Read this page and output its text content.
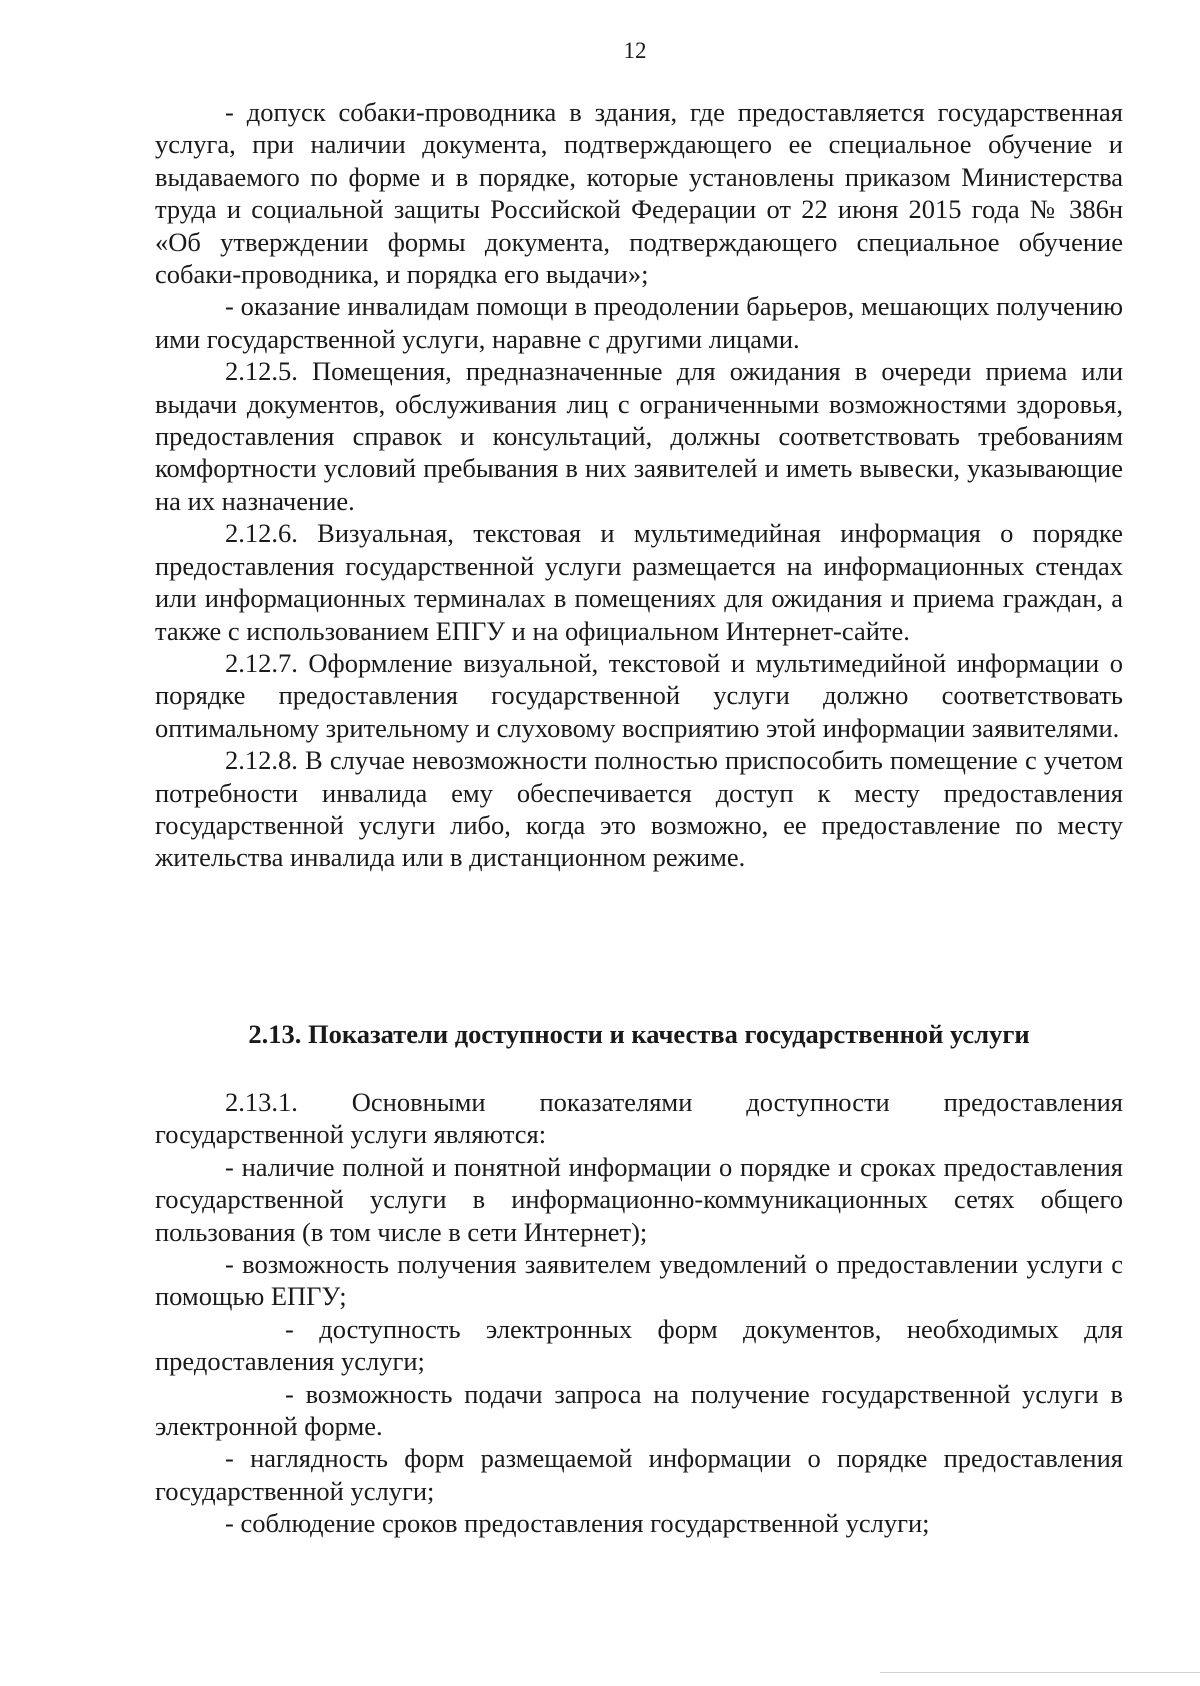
12

- допуск собаки-проводника в здания, где предоставляется государственная услуга, при наличии документа, подтверждающего ее специальное обучение и выдаваемого по форме и в порядке, которые установлены приказом Министерства труда и социальной защиты Российской Федерации от 22 июня 2015 года № 386н «Об утверждении формы документа, подтверждающего специальное обучение собаки-проводника, и порядка его выдачи»;

- оказание инвалидам помощи в преодолении барьеров, мешающих получению ими государственной услуги, наравне с другими лицами.

2.12.5. Помещения, предназначенные для ожидания в очереди приема или выдачи документов, обслуживания лиц с ограниченными возможностями здоровья, предоставления справок и консультаций, должны соответствовать требованиям комфортности условий пребывания в них заявителей и иметь вывески, указывающие на их назначение.

2.12.6. Визуальная, текстовая и мультимедийная информация о порядке предоставления государственной услуги размещается на информационных стендах или информационных терминалах в помещениях для ожидания и приема граждан, а также с использованием ЕПГУ и на официальном Интернет-сайте.

2.12.7. Оформление визуальной, текстовой и мультимедийной информации о порядке предоставления государственной услуги должно соответствовать оптимальному зрительному и слуховому восприятию этой информации заявителями.

2.12.8. В случае невозможности полностью приспособить помещение с учетом потребности инвалида ему обеспечивается доступ к месту предоставления государственной услуги либо, когда это возможно, ее предоставление по месту жительства инвалида или в дистанционном режиме.

2.13. Показатели доступности и качества государственной услуги

2.13.1. Основными показателями доступности предоставления государственной услуги являются:

- наличие полной и понятной информации о порядке и сроках предоставления государственной услуги в информационно-коммуникационных сетях общего пользования (в том числе в сети Интернет);

- возможность получения заявителем уведомлений о предоставлении услуги с помощью ЕПГУ;

- доступность электронных форм документов, необходимых для предоставления услуги;

- возможность подачи запроса на получение государственной услуги в электронной форме.

- наглядность форм размещаемой информации о порядке предоставления государственной услуги;

- соблюдение сроков предоставления государственной услуги;
